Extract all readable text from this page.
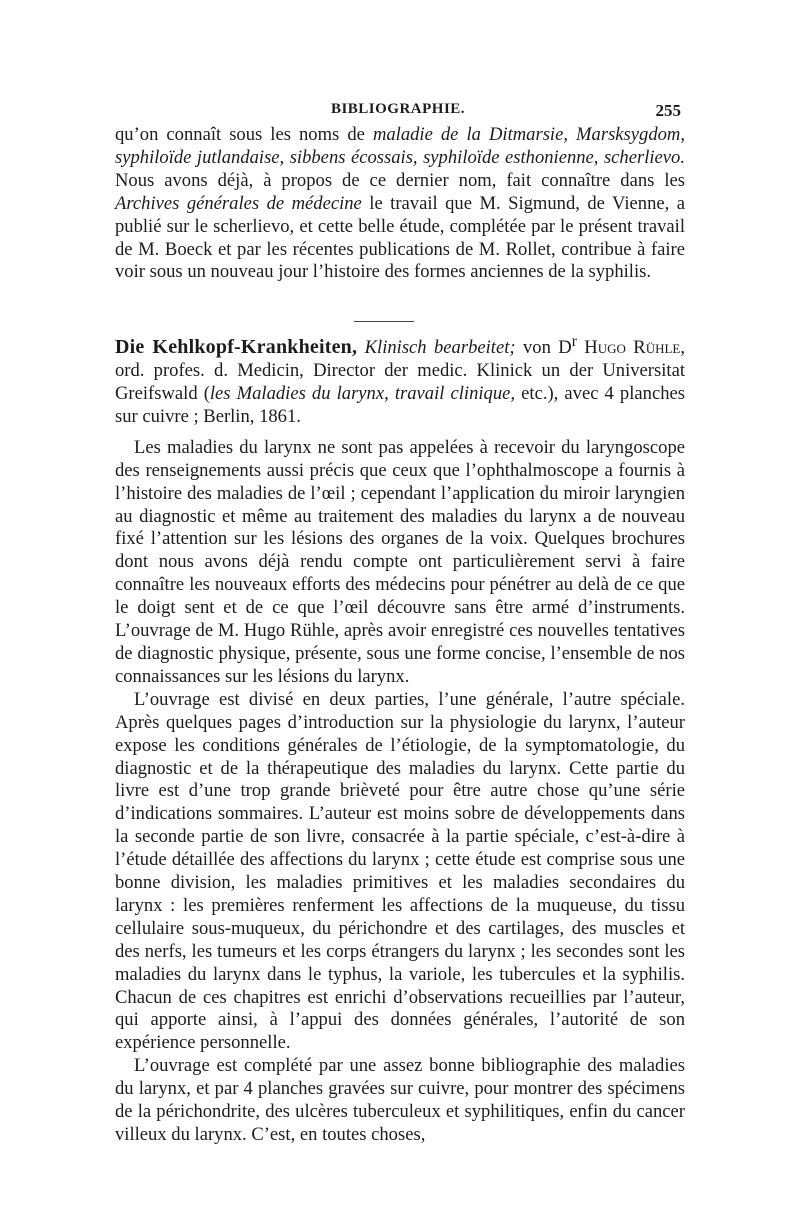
BIBLIOGRAPHIE.	255

qu’on connaît sous les noms de maladie de la Ditmarsie, Marsksygdom, syphiloïde jutlandaise, sibbens écossais, syphiloïde esthonienne, scherlievo. Nous avons déjà, à propos de ce dernier nom, fait connaître dans les Archives générales de médecine le travail que M. Sigmund, de Vienne, a publié sur le scherlievo, et cette belle étude, complétée par le présent travail de M. Boeck et par les récentes publications de M. Rollet, contribue à faire voir sous un nouveau jour l’histoire des formes anciennes de la syphilis.

Die Kehlkopf-Krankheiten, Klinisch bearbeitet; von $D^r$ Hugo Rühle, ord. profes. d. Medicin, Director der medic. Klinick un der Universitat Greifswald (les Maladies du larynx, travail clinique, etc.), avec 4 planches sur cuivre ; Berlin, 1861.

Les maladies du larynx ne sont pas appelées à recevoir du laryngoscope des renseignements aussi précis que ceux que l’ophthalmoscope a fournis à l’histoire des maladies de l’œil ; cependant l’application du miroir laryngien au diagnostic et même au traitement des maladies du larynx a de nouveau fixé l’attention sur les lésions des organes de la voix. Quelques brochures dont nous avons déjà rendu compte ont particulièrement servi à faire connaître les nouveaux efforts des médecins pour pénétrer au delà de ce que le doigt sent et de ce que l’œil découvre sans être armé d’instruments. L’ouvrage de M. Hugo Rühle, après avoir enregistré ces nouvelles tentatives de diagnostic physique, présente, sous une forme concise, l’ensemble de nos connaissances sur les lésions du larynx.

L’ouvrage est divisé en deux parties, l’une générale, l’autre spéciale. Après quelques pages d’introduction sur la physiologie du larynx, l’auteur expose les conditions générales de l’étiologie, de la symptomatologie, du diagnostic et de la thérapeutique des maladies du larynx. Cette partie du livre est d’une trop grande brièveté pour être autre chose qu’une série d’indications sommaires. L’auteur est moins sobre de développements dans la seconde partie de son livre, consacrée à la partie spéciale, c’est-à-dire à l’étude détaillée des affections du larynx ; cette étude est comprise sous une bonne division, les maladies primitives et les maladies secondaires du larynx : les premières renferment les affections de la muqueuse, du tissu cellulaire sous-muqueux, du périchondre et des cartilages, des muscles et des nerfs, les tumeurs et les corps étrangers du larynx ; les secondes sont les maladies du larynx dans le typhus, la variole, les tubercules et la syphilis. Chacun de ces chapitres est enrichi d’observations recueillies par l’auteur, qui apporte ainsi, à l’appui des données générales, l’autorité de son expérience personnelle.

L’ouvrage est complété par une assez bonne bibliographie des maladies du larynx, et par 4 planches gravées sur cuivre, pour montrer des spécimens de la périchondrite, des ulcères tuberculeux et syphilitiques, enfin du cancer villeux du larynx. C’est, en toutes choses,
